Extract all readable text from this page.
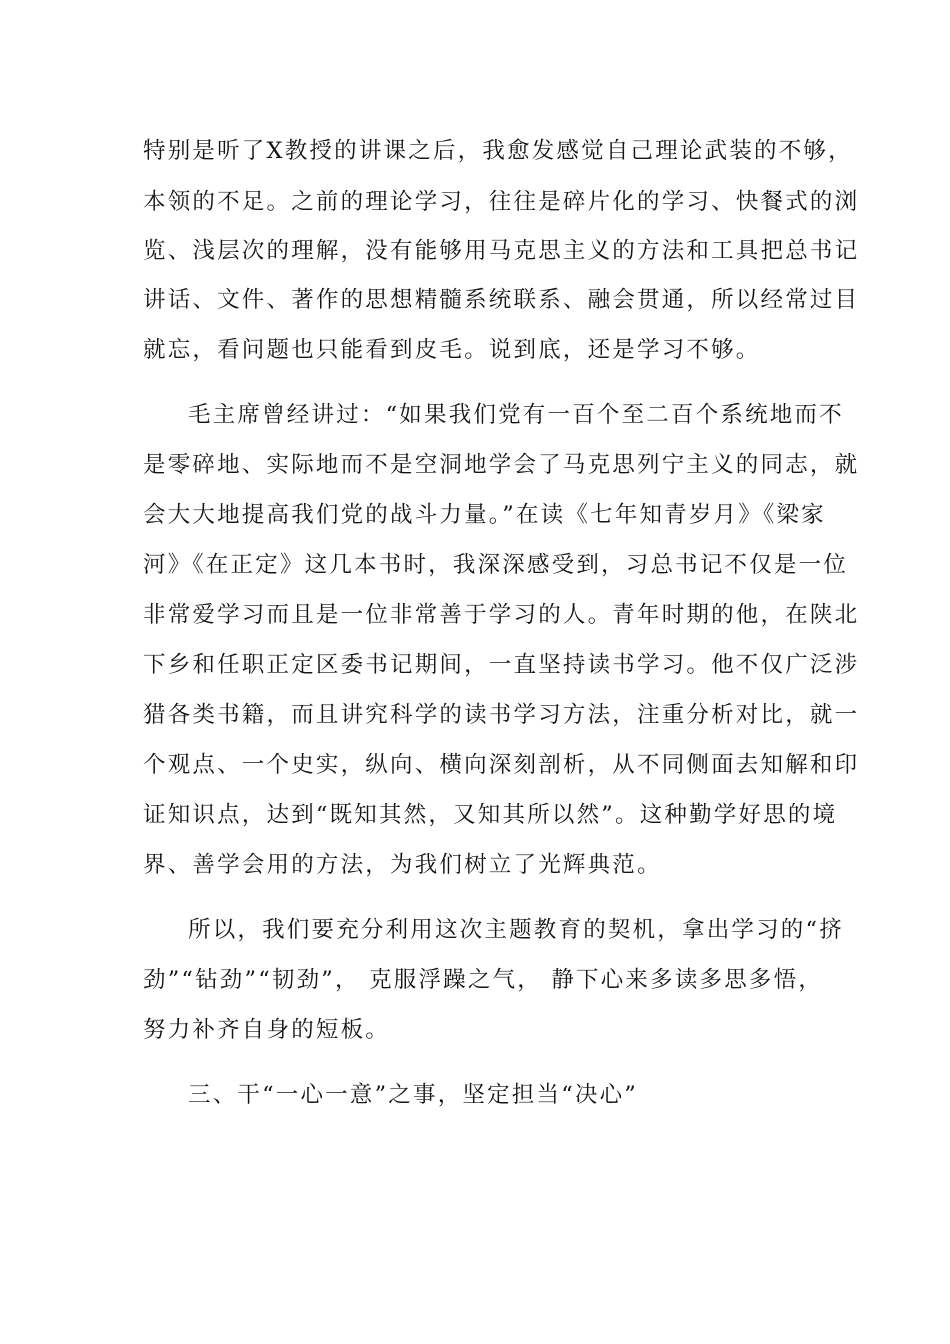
特别是听了X教授的讲课之后，我愈发感觉自己理论武装的不够，
本领的不足。之前的理论学习，往往是碎片化的学习、快餐式的浏
览、浅层次的理解，没有能够用马克思主义的方法和工具把总书记
讲话、文件、著作的思想精髓系统联系、融会贯通，所以经常过目
就忘，看问题也只能看到皮毛。说到底，还是学习不够。
毛主席曾经讲过：“如果我们党有一百个至二百个系统地而不
是零碎地、实际地而不是空洞地学会了马克思列宁主义的同志，就
会大大地提高我们党的战斗力量。”在读《七年知青岁月》《梁家
河》《在正定》这几本书时，我深深感受到，习总书记不仅是一位
非常爱学习而且是一位非常善于学习的人。青年时期的他，在陕北
下乡和任职正定区委书记期间，一直坚持读书学习。他不仅广泛涉
猎各类书籍，而且讲究科学的读书学习方法，注重分析对比，就一
个观点、一个史实，纵向、横向深刻剖析，从不同侧面去知解和印
证知识点，达到“既知其然，又知其所以然”。这种勤学好思的境
界、善学会用的方法，为我们树立了光辉典范。
所以，我们要充分利用这次主题教育的契机，拿出学习的“挤
劲”“钻劲”“韧劲”， 克服浮躁之气， 静下心来多读多思多悟，
努力补齐自身的短板。
三、干“一心一意”之事，坚定担当“决心”
